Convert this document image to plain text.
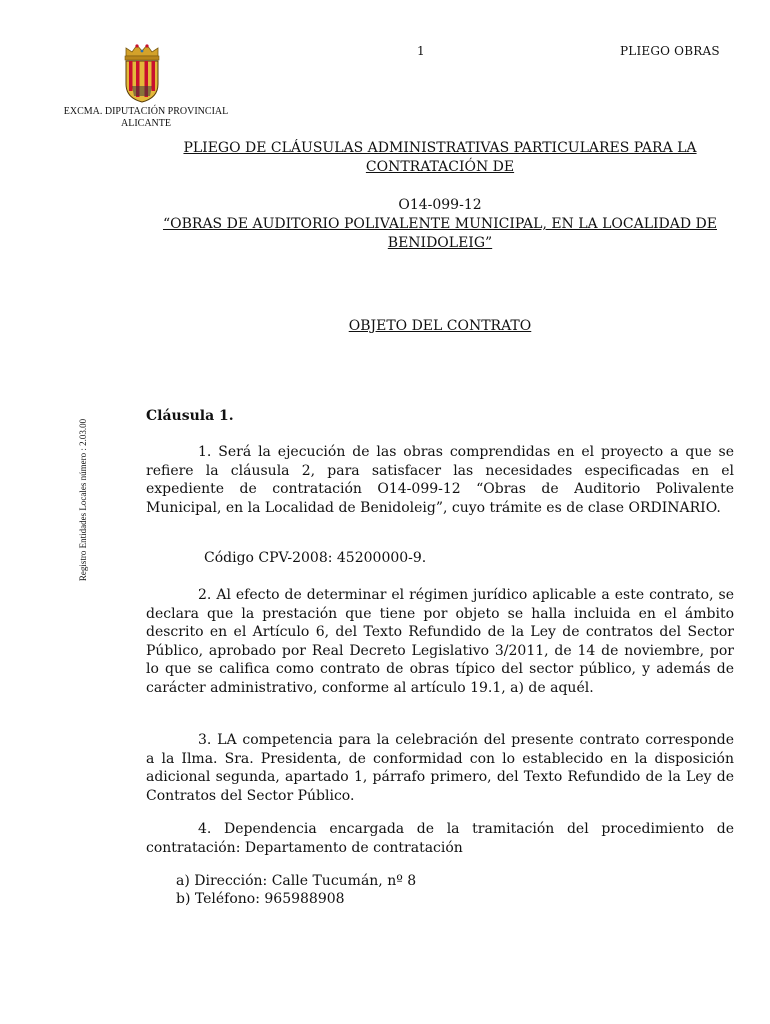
EXCMA. DIPUTACIÓN PROVINCIAL
ALICANTE
1	PLIEGO OBRAS
Registro Entidades Locales número : 2.03.00
PLIEGO DE CLÁUSULAS ADMINISTRATIVAS PARTICULARES PARA LA
CONTRATACIÓN DE
O14-099-12
“OBRAS DE AUDITORIO POLIVALENTE MUNICIPAL, EN LA LOCALIDAD DE
BENIDOLEIG”
OBJETO DEL CONTRATO
Cláusula 1.

1. Será la ejecución de las obras comprendidas en el proyecto a que se refiere la cláusula 2, para satisfacer las necesidades especificadas en el expediente de contratación O14-099-12 “Obras de Auditorio Polivalente Municipal, en la Localidad de Benidoleig”, cuyo trámite es de clase ORDINARIO.

Código CPV-2008: 45200000-9.

2. Al efecto de determinar el régimen jurídico aplicable a este contrato, se declara que la prestación que tiene por objeto se halla incluida en el ámbito descrito en el Artículo 6, del Texto Refundido de la Ley de contratos del Sector Público, aprobado por Real Decreto Legislativo 3/2011, de 14 de noviembre, por lo que se califica como contrato de obras típico del sector público, y además de carácter administrativo, conforme al artículo 19.1, a) de aquél.

3. LA competencia para la celebración del presente contrato corresponde a la Ilma. Sra. Presidenta, de conformidad con lo establecido en la disposición adicional segunda, apartado 1, párrafo primero, del Texto Refundido de la Ley de Contratos del Sector Público.

4. Dependencia encargada de la tramitación del procedimiento de contratación: Departamento de contratación

a) Dirección: Calle Tucumán, nº 8
b) Teléfono: 965988908
